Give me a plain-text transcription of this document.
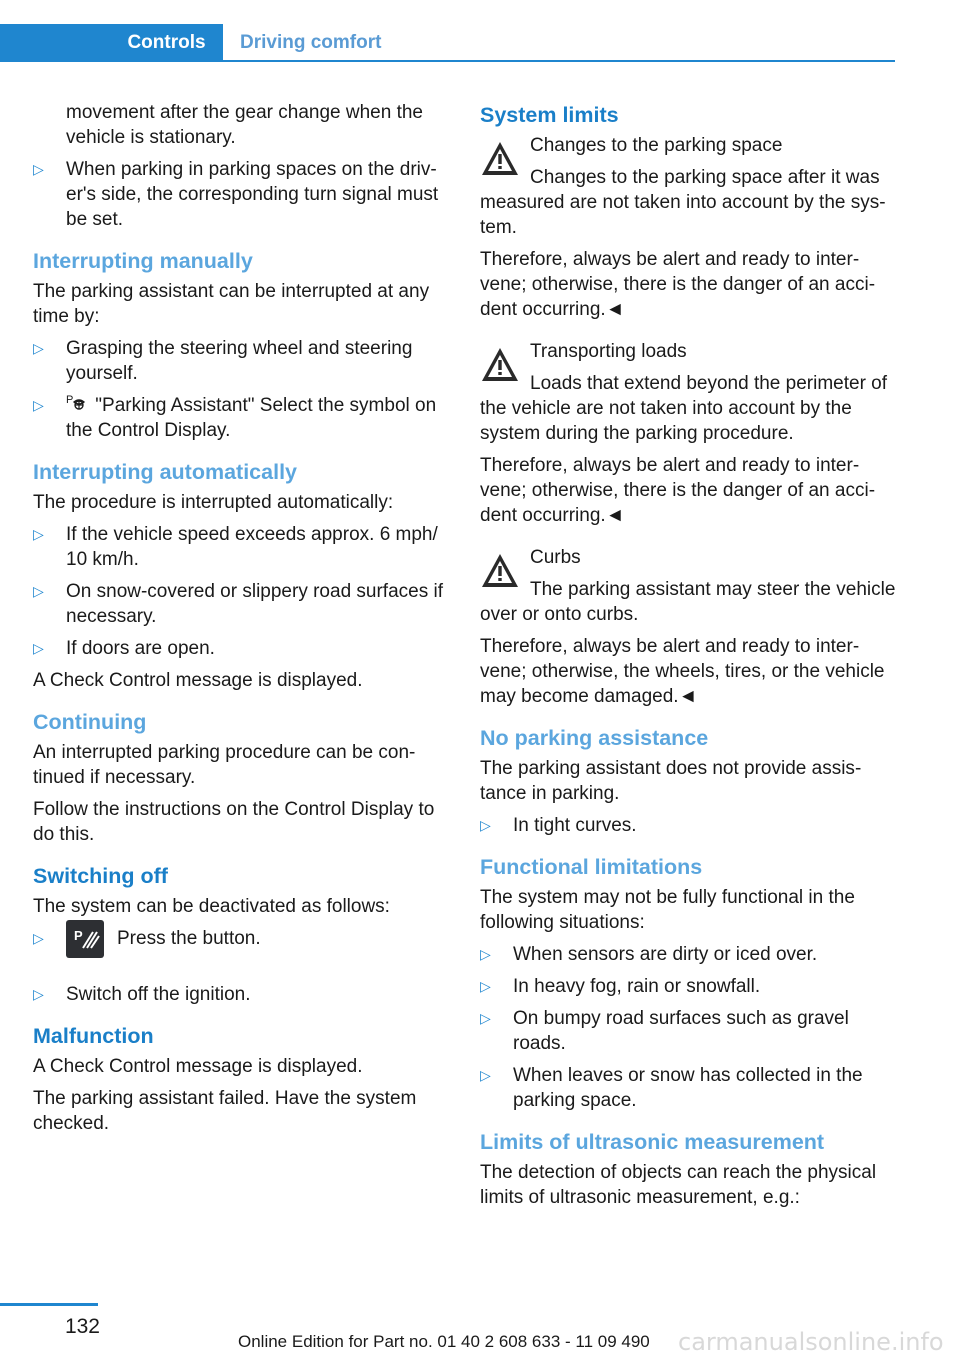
Controls	Driving comfort

movement after the gear change when the vehicle is stationary.

▷	When parking in parking spaces on the driver's side, the corresponding turn signal must be set.
Interrupting manually

The parking assistant can be interrupted at any time by:

▷	Grasping the steering wheel and steering yourself.
▷	P "Parking Assistant" Select the symbol on the Control Display.
Interrupting automatically

The procedure is interrupted automatically:

▷	If the vehicle speed exceeds approx. 6 mph/ 10 km/h.
▷	On snow-covered or slippery road surfaces if necessary.
▷	If doors are open.

A Check Control message is displayed.

Continuing

An interrupted parking procedure can be continued if necessary.

Follow the instructions on the Control Display to do this.

Switching off

The system can be deactivated as follows:

▷	P Press the button.
▷	Switch off the ignition.
Malfunction

A Check Control message is displayed.

The parking assistant failed. Have the system checked.

System limits

Changes to the parking space

Changes to the parking space after it was measured are not taken into account by the system.

Therefore, always be alert and ready to intervene; otherwise, there is the danger of an accident occurring.◄

Transporting loads

Loads that extend beyond the perimeter of the vehicle are not taken into account by the system during the parking procedure.

Therefore, always be alert and ready to intervene; otherwise, there is the danger of an accident occurring.◄

Curbs

The parking assistant may steer the vehicle over or onto curbs.

Therefore, always be alert and ready to intervene; otherwise, the wheels, tires, or the vehicle may become damaged.◄

No parking assistance

The parking assistant does not provide assistance in parking.

▷	In tight curves.
Functional limitations

The system may not be fully functional in the following situations:

▷	When sensors are dirty or iced over.
▷	In heavy fog, rain or snowfall.
▷	On bumpy road surfaces such as gravel roads.
▷	When leaves or snow has collected in the parking space.
Limits of ultrasonic measurement

The detection of objects can reach the physical limits of ultrasonic measurement, e.g.:

132
Online Edition for Part no. 01 40 2 608 633 - 11 09 490 carmanualsonline.info
